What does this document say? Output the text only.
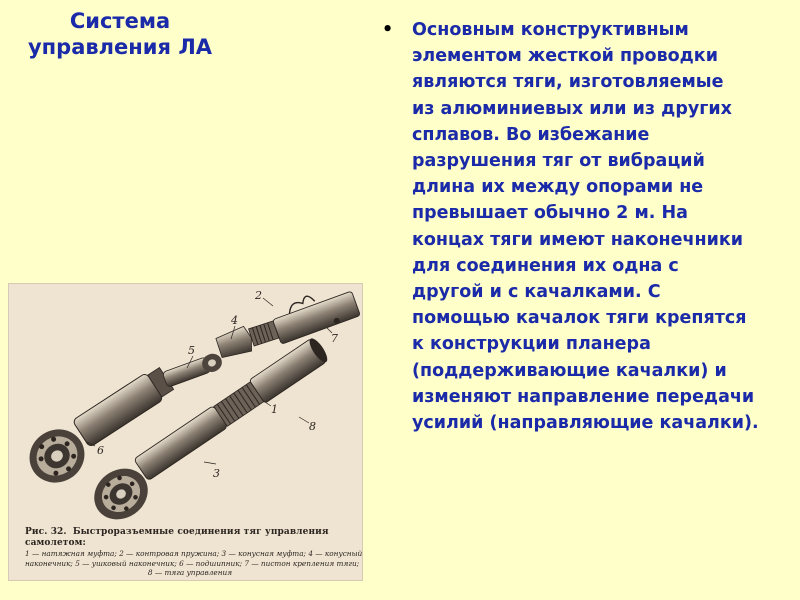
Система управления ЛА
• Основным конструктивным
элементом жесткой проводки
являются тяги, изготовляемые
из алюминиевых или из других
сплавов. Во избежание
разрушения тяг от вибраций
длина их между опорами не
превышает обычно 2 м. На
концах тяги имеют наконечники
для соединения их одна с
другой и с качалками. С
помощью качалок тяги крепятся
к конструкции планера
(поддерживающие качалки) и
изменяют направление передачи
усилий (направляющие качалки).
1
2
3
4
5
6
7
8
Рис. 32. Быстроразъемные соединения тяг управления самолетом:
1 — натяжная муфта; 2 — контровая пружина; 3 — конусная муфта; 4 — конусный
наконечник; 5 — ушковый наконечник; 6 — подшипник; 7 — пистон крепления тяги;
8 — тяга управления
